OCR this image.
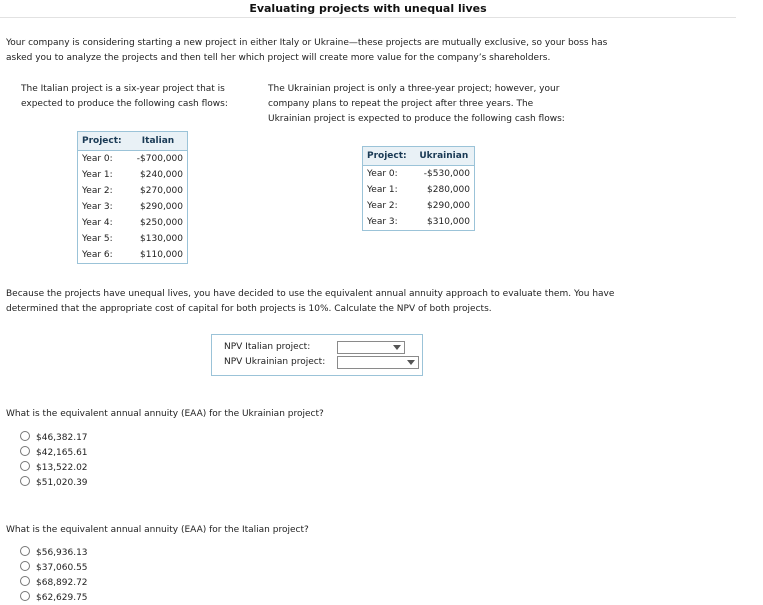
Evaluating projects with unequal lives
Your company is considering starting a new project in either Italy or Ukraine—these projects are mutually exclusive, so your boss has
asked you to analyze the projects and then tell her which project will create more value for the company’s shareholders.
The Italian project is a six-year project that is
expected to produce the following cash flows:
The Ukrainian project is only a three-year project; however, your
company plans to repeat the project after three years. The
Ukrainian project is expected to produce the following cash flows:
Project:	Italian
Year 0:	-$700,000
Year 1:	$240,000
Year 2:	$270,000
Year 3:	$290,000
Year 4:	$250,000
Year 5:	$130,000
Year 6:	$110,000
Project:	Ukrainian
Year 0:	-$530,000
Year 1:	$280,000
Year 2:	$290,000
Year 3:	$310,000
Because the projects have unequal lives, you have decided to use the equivalent annual annuity approach to evaluate them. You have
determined that the appropriate cost of capital for both projects is 10%. Calculate the NPV of both projects.
NPV Italian project:
NPV Ukrainian project:
What is the equivalent annual annuity (EAA) for the Ukrainian project?
$46,382.17
$42,165.61
$13,522.02
$51,020.39
What is the equivalent annual annuity (EAA) for the Italian project?
$56,936.13
$37,060.55
$68,892.72
$62,629.75
